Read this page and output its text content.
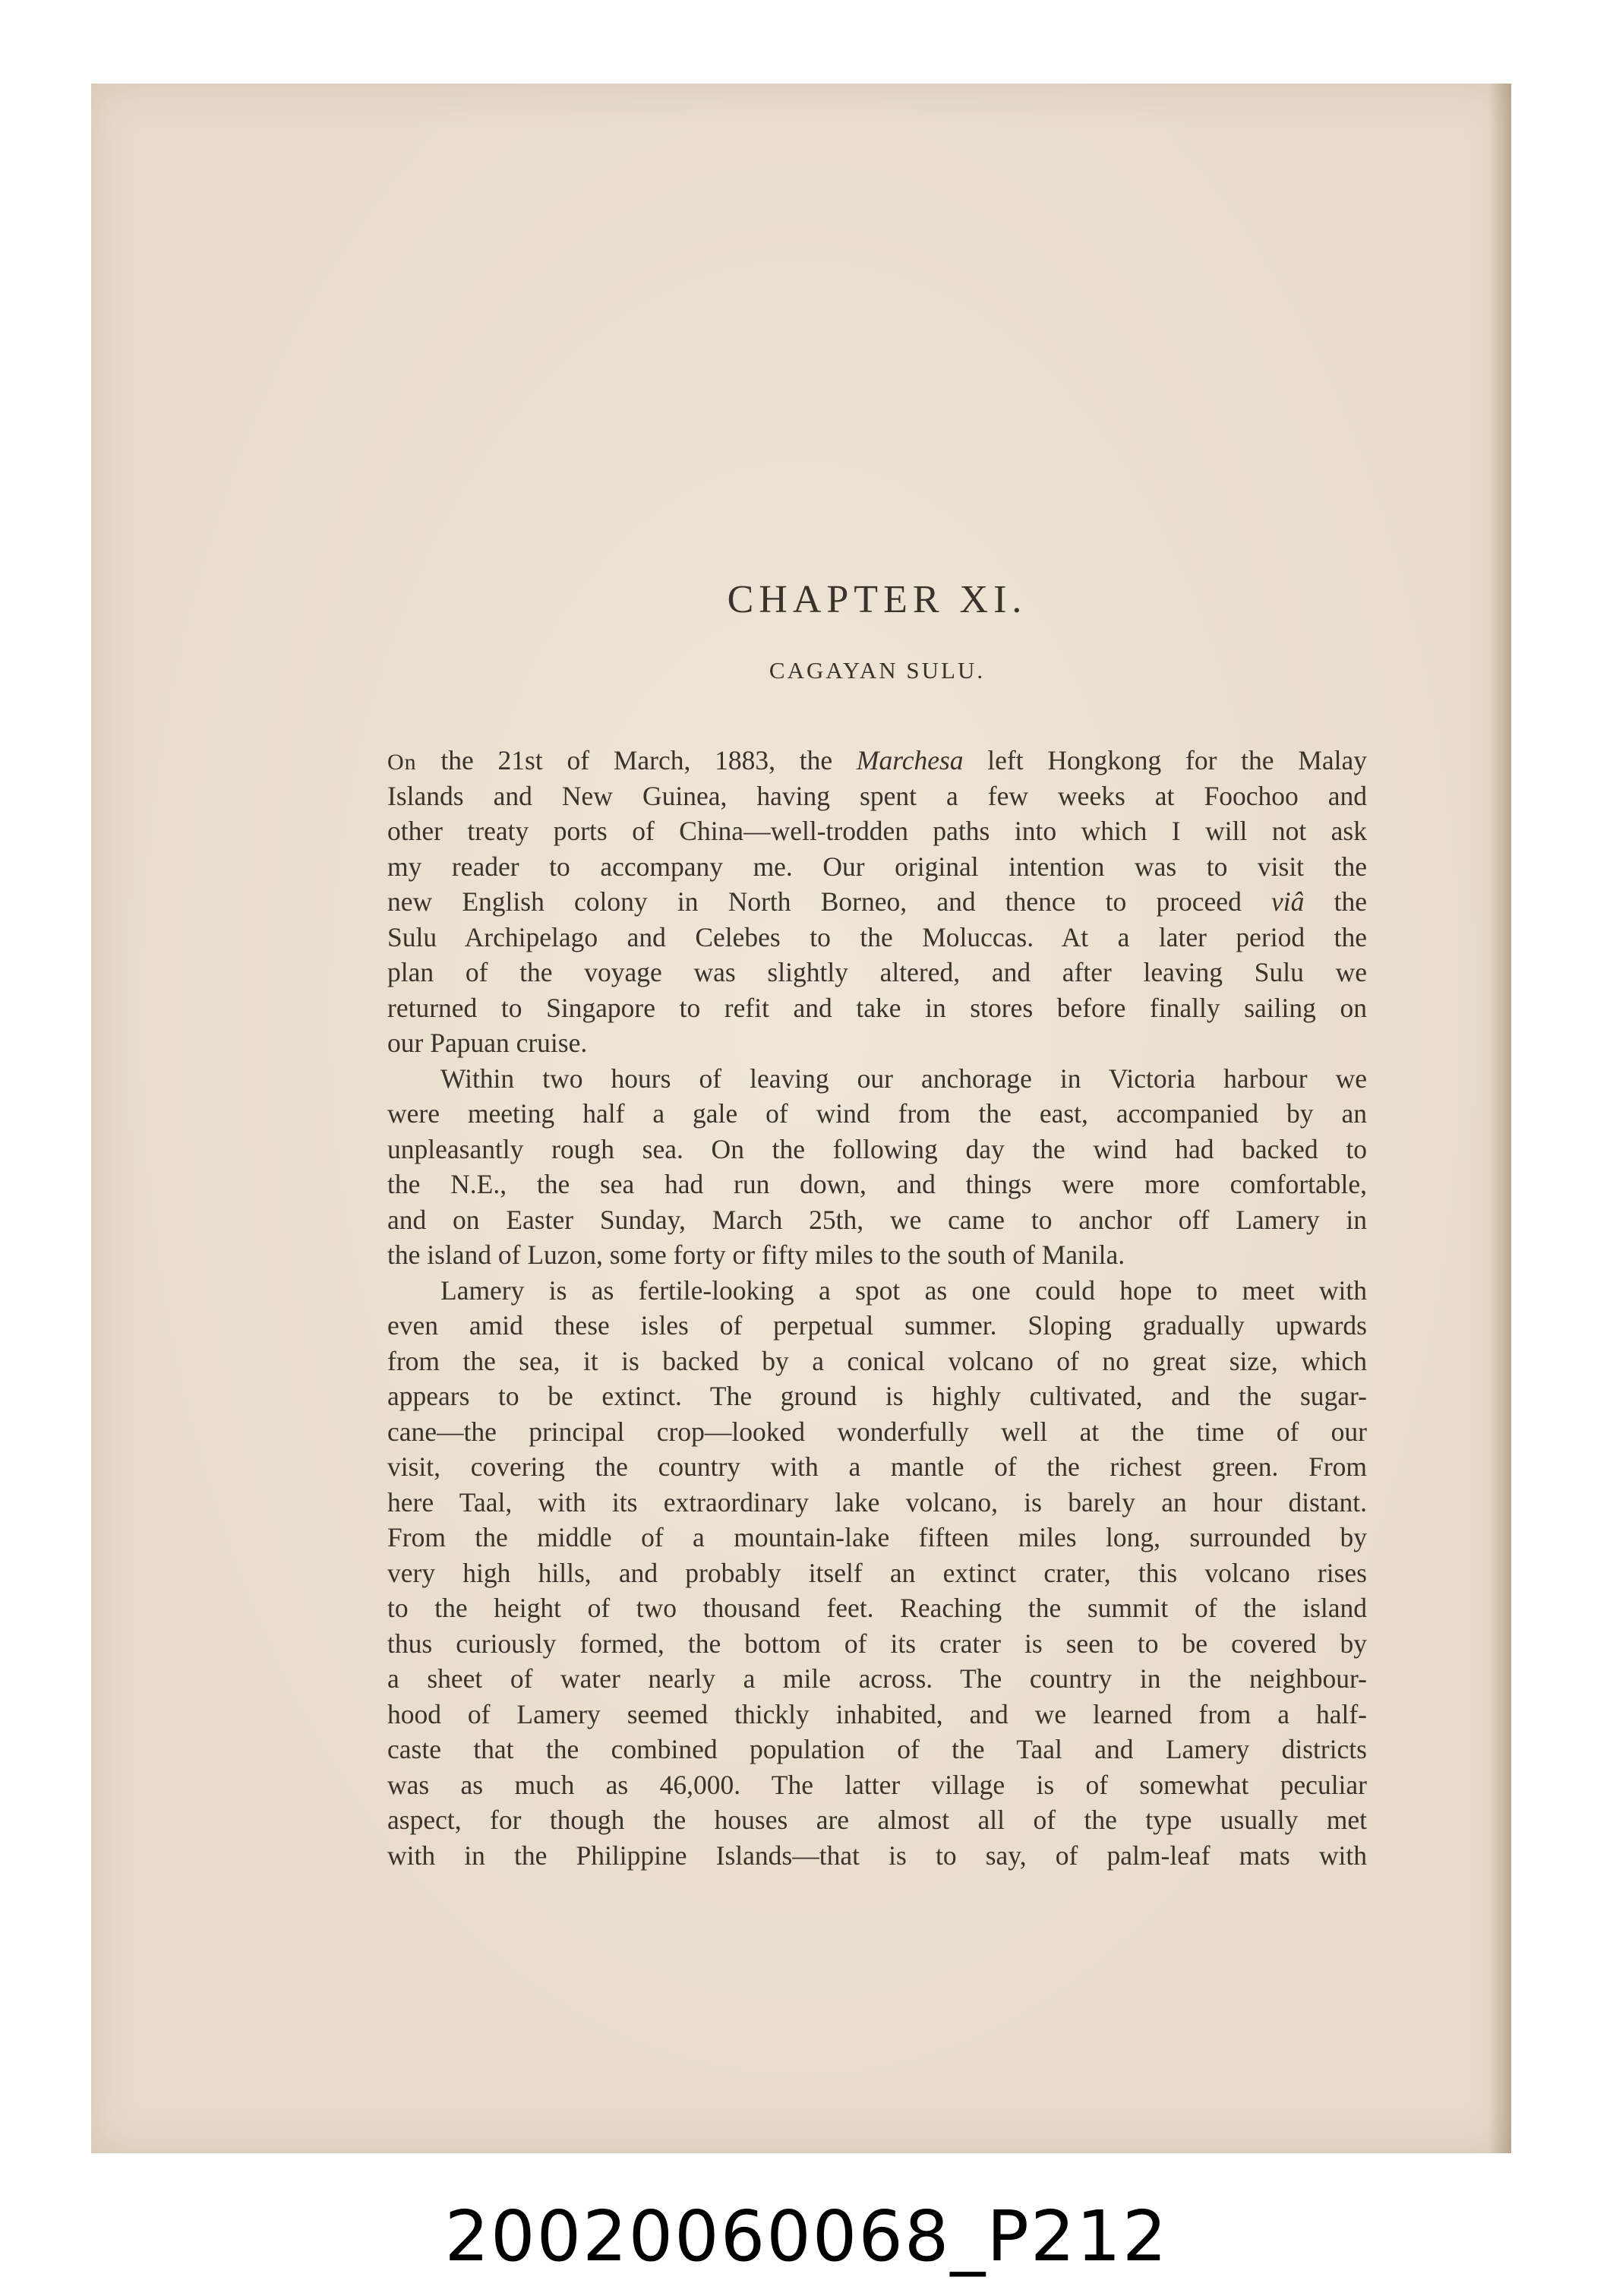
CHAPTER XI.
CAGAYAN SULU.
On the 21st of March, 1883, the Marchesa left Hongkong for the Malay
Islands and New Guinea, having spent a few weeks at Foochoo and
other treaty ports of China—well-trodden paths into which I will not ask
my reader to accompany me. Our original intention was to visit the
new English colony in North Borneo, and thence to proceed viâ the
Sulu Archipelago and Celebes to the Moluccas. At a later period the
plan of the voyage was slightly altered, and after leaving Sulu we
returned to Singapore to refit and take in stores before finally sailing on
our Papuan cruise.
Within two hours of leaving our anchorage in Victoria harbour we
were meeting half a gale of wind from the east, accompanied by an
unpleasantly rough sea. On the following day the wind had backed to
the N.E., the sea had run down, and things were more comfortable,
and on Easter Sunday, March 25th, we came to anchor off Lamery in
the island of Luzon, some forty or fifty miles to the south of Manila.
Lamery is as fertile-looking a spot as one could hope to meet with
even amid these isles of perpetual summer. Sloping gradually upwards
from the sea, it is backed by a conical volcano of no great size, which
appears to be extinct. The ground is highly cultivated, and the sugar-
cane—the principal crop—looked wonderfully well at the time of our
visit, covering the country with a mantle of the richest green. From
here Taal, with its extraordinary lake volcano, is barely an hour distant.
From the middle of a mountain-lake fifteen miles long, surrounded by
very high hills, and probably itself an extinct crater, this volcano rises
to the height of two thousand feet. Reaching the summit of the island
thus curiously formed, the bottom of its crater is seen to be covered by
a sheet of water nearly a mile across. The country in the neighbour-
hood of Lamery seemed thickly inhabited, and we learned from a half-
caste that the combined population of the Taal and Lamery districts
was as much as 46,000. The latter village is of somewhat peculiar
aspect, for though the houses are almost all of the type usually met
with in the Philippine Islands—that is to say, of palm-leaf mats with
20020060068_P212
